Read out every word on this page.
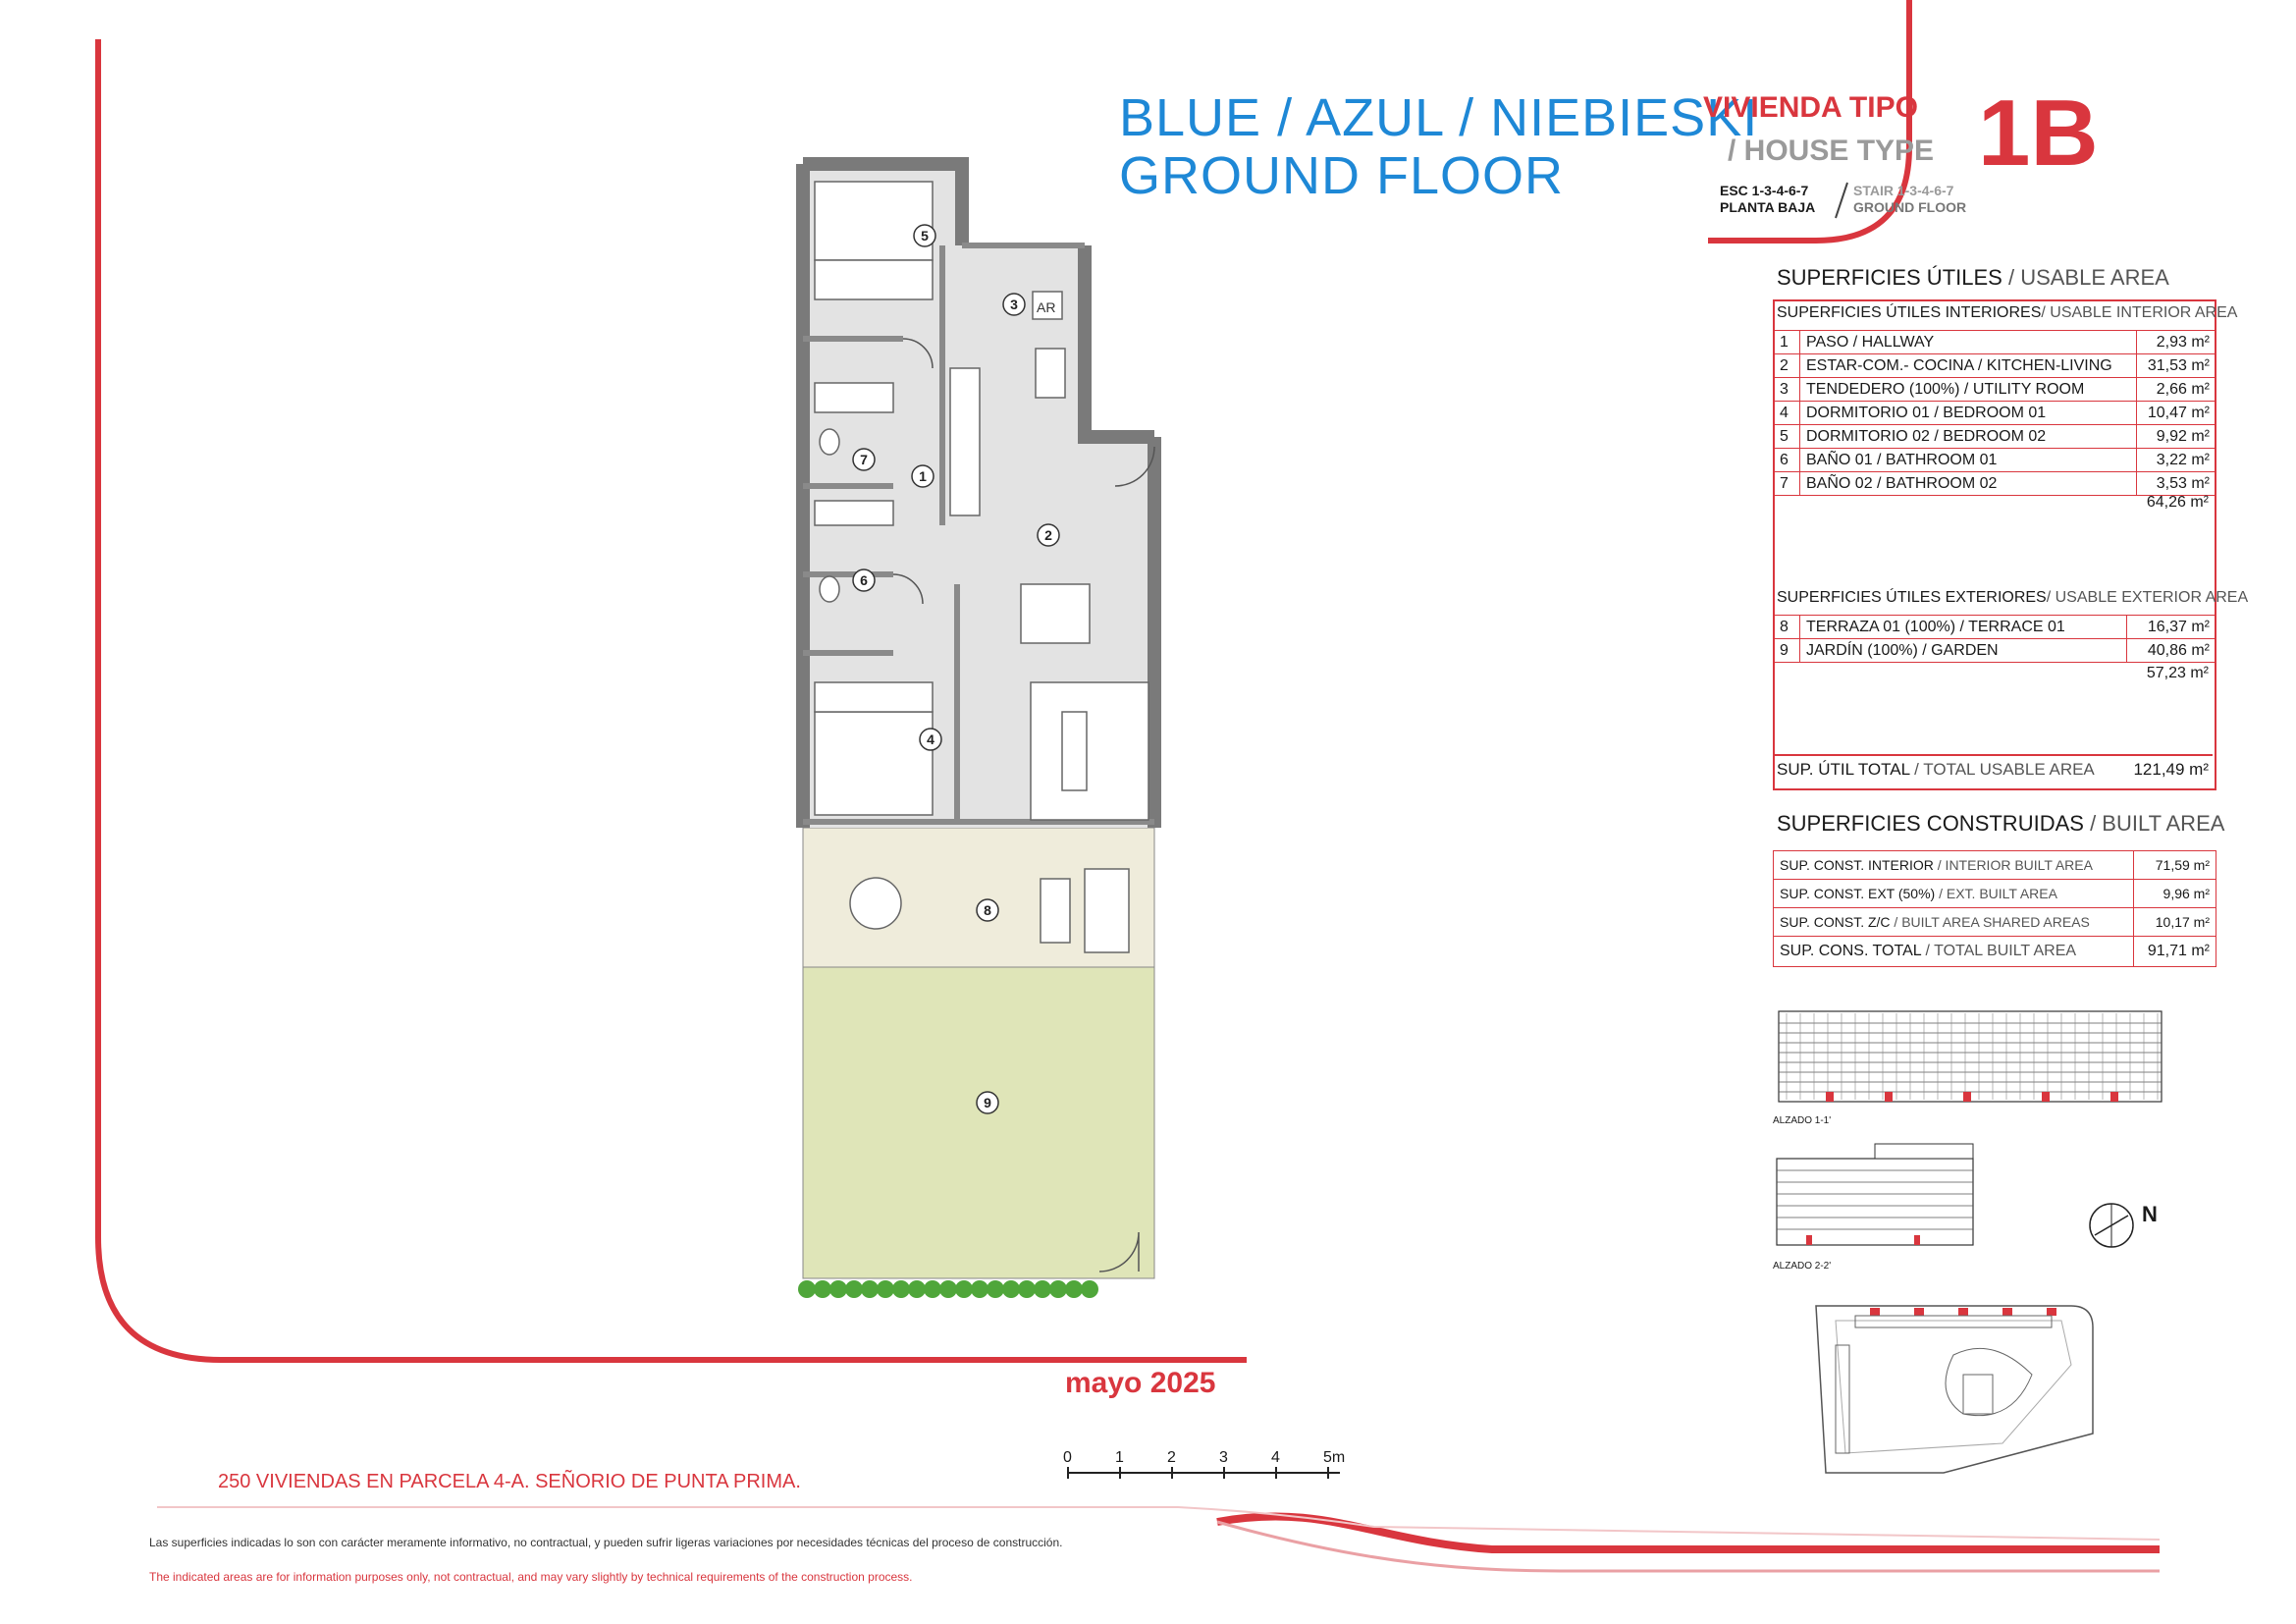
BLUE / AZUL / NIEBIESKI
GROUND FLOOR
VIVIENDA TIPO
/ HOUSE TYPE 1B
ESC 1-3-4-6-7
PLANTA BAJA
STAIR 1-3-4-6-7
GROUND FLOOR
SUPERFICIES ÚTILES / USABLE AREA
SUPERFICIES ÚTILES INTERIORES/ USABLE INTERIOR AREA
1	PASO / HALLWAY	2,93 m²
2	ESTAR-COM.- COCINA / KITCHEN-LIVING	31,53 m²
3	TENDEDERO (100%) / UTILITY ROOM	2,66 m²
4	DORMITORIO 01 / BEDROOM 01	10,47 m²
5	DORMITORIO 02 / BEDROOM 02	9,92 m²
6	BAÑO 01 / BATHROOM 01	3,22 m²
7	BAÑO 02 / BATHROOM 02	3,53 m²
64,26 m²
SUPERFICIES ÚTILES EXTERIORES/ USABLE EXTERIOR AREA
8	TERRAZA 01 (100%) / TERRACE 01	16,37 m²
9	JARDÍN (100%) / GARDEN	40,86 m²
57,23 m²
SUP. ÚTIL TOTAL / TOTAL USABLE AREA 121,49 m²
SUPERFICIES CONSTRUIDAS / BUILT AREA
SUP. CONST. INTERIOR / INTERIOR BUILT AREA	71,59 m²
SUP. CONST. EXT (50%) / EXT. BUILT AREA	9,96 m²
SUP. CONST. Z/C / BUILT AREA SHARED AREAS	10,17 m²
SUP. CONS. TOTAL / TOTAL BUILT AREA	91,71 m²
ALZADO 1-1'
ALZADO 2-2'
N
AR
1
2
3
4
5
6
7
8
9
0	1	2	3	4	5m
mayo 2025
250 VIVIENDAS EN PARCELA 4-A. SEÑORIO DE PUNTA PRIMA.
Las superficies indicadas lo son con carácter meramente informativo, no contractual, y pueden sufrir ligeras variaciones por necesidades técnicas del proceso de construcción.
The indicated areas are for information purposes only, not contractual, and may vary slightly by technical requirements of the construction process.
